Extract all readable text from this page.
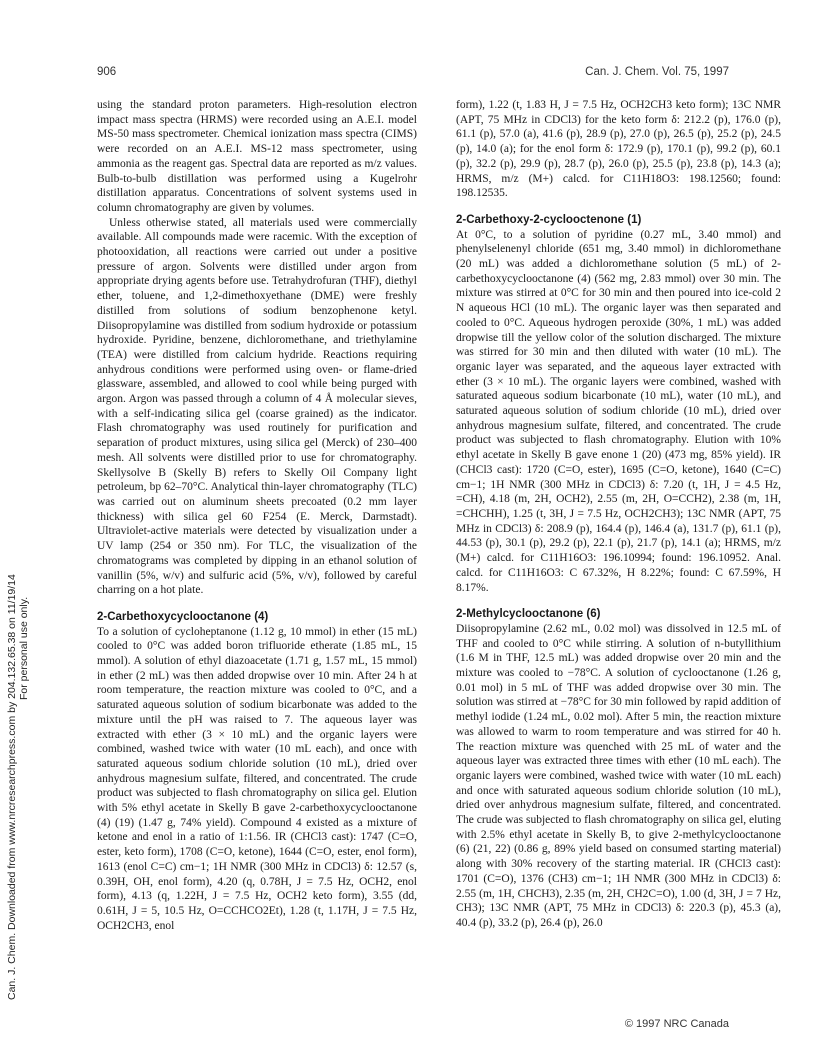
906	Can. J. Chem. Vol. 75, 1997
Can. J. Chem. Downloaded from www.nrcresearchpress.com by 204.132.65.38 on 11/19/14 For personal use only.

using the standard proton parameters. High-resolution electron impact mass spectra (HRMS) were recorded using an A.E.I. model MS-50 mass spectrometer. Chemical ionization mass spectra (CIMS) were recorded on an A.E.I. MS-12 mass spectrometer, using ammonia as the reagent gas. Spectral data are reported as m/z values. Bulb-to-bulb distillation was performed using a Kugelrohr distillation apparatus. Concentrations of solvent systems used in column chromatography are given by volumes.

Unless otherwise stated, all materials used were commercially available. All compounds made were racemic. With the exception of photooxidation, all reactions were carried out under a positive pressure of argon. Solvents were distilled under argon from appropriate drying agents before use. Tetrahydrofuran (THF), diethyl ether, toluene, and 1,2-dimethoxyethane (DME) were freshly distilled from solutions of sodium benzophenone ketyl. Diisopropylamine was distilled from sodium hydroxide or potassium hydroxide. Pyridine, benzene, dichloromethane, and triethylamine (TEA) were distilled from calcium hydride. Reactions requiring anhydrous conditions were performed using oven- or flame-dried glassware, assembled, and allowed to cool while being purged with argon. Argon was passed through a column of 4 Å molecular sieves, with a self-indicating silica gel (coarse grained) as the indicator. Flash chromatography was used routinely for purification and separation of product mixtures, using silica gel (Merck) of 230–400 mesh. All solvents were distilled prior to use for chromatography. Skellysolve B (Skelly B) refers to Skelly Oil Company light petroleum, bp 62–70°C. Analytical thin-layer chromatography (TLC) was carried out on aluminum sheets precoated (0.2 mm layer thickness) with silica gel 60 F254 (E. Merck, Darmstadt). Ultraviolet-active materials were detected by visualization under a UV lamp (254 or 350 nm). For TLC, the visualization of the chromatograms was completed by dipping in an ethanol solution of vanillin (5%, w/v) and sulfuric acid (5%, v/v), followed by careful charring on a hot plate.

2-Carbethoxycyclooctanone (4)

To a solution of cycloheptanone (1.12 g, 10 mmol) in ether (15 mL) cooled to 0°C was added boron trifluoride etherate (1.85 mL, 15 mmol). A solution of ethyl diazoacetate (1.71 g, 1.57 mL, 15 mmol) in ether (2 mL) was then added dropwise over 10 min. After 24 h at room temperature, the reaction mixture was cooled to 0°C, and a saturated aqueous solution of sodium bicarbonate was added to the mixture until the pH was raised to 7. The aqueous layer was extracted with ether (3 × 10 mL) and the organic layers were combined, washed twice with water (10 mL each), and once with saturated aqueous sodium chloride solution (10 mL), dried over anhydrous magnesium sulfate, filtered, and concentrated. The crude product was subjected to flash chromatography on silica gel. Elution with 5% ethyl acetate in Skelly B gave 2-carbethoxycyclooctanone (4) (19) (1.47 g, 74% yield). Compound 4 existed as a mixture of ketone and enol in a ratio of 1:1.56. IR (CHCl3 cast): 1747 (C=O, ester, keto form), 1708 (C=O, ketone), 1644 (C=O, ester, enol form), 1613 (enol C=C) cm−1; 1H NMR (300 MHz in CDCl3) δ: 12.57 (s, 0.39H, OH, enol form), 4.20 (q, 0.78H, J = 7.5 Hz, OCH2, enol form), 4.13 (q, 1.22H, J = 7.5 Hz, OCH2 keto form), 3.55 (dd, 0.61H, J = 5, 10.5 Hz, O=CCHCO2Et), 1.28 (t, 1.17H, J = 7.5 Hz, OCH2CH3, enol

form), 1.22 (t, 1.83 H, J = 7.5 Hz, OCH2CH3 keto form); 13C NMR (APT, 75 MHz in CDCl3) for the keto form δ: 212.2 (p), 176.0 (p), 61.1 (p), 57.0 (a), 41.6 (p), 28.9 (p), 27.0 (p), 26.5 (p), 25.2 (p), 24.5 (p), 14.0 (a); for the enol form δ: 172.9 (p), 170.1 (p), 99.2 (p), 60.1 (p), 32.2 (p), 29.9 (p), 28.7 (p), 26.0 (p), 25.5 (p), 23.8 (p), 14.3 (a); HRMS, m/z (M+) calcd. for C11H18O3: 198.12560; found: 198.12535.

2-Carbethoxy-2-cyclooctenone (1)

At 0°C, to a solution of pyridine (0.27 mL, 3.40 mmol) and phenylselenenyl chloride (651 mg, 3.40 mmol) in dichloromethane (20 mL) was added a dichloromethane solution (5 mL) of 2-carbethoxycyclooctanone (4) (562 mg, 2.83 mmol) over 30 min. The mixture was stirred at 0°C for 30 min and then poured into ice-cold 2 N aqueous HCl (10 mL). The organic layer was then separated and cooled to 0°C. Aqueous hydrogen peroxide (30%, 1 mL) was added dropwise till the yellow color of the solution discharged. The mixture was stirred for 30 min and then diluted with water (10 mL). The organic layer was separated, and the aqueous layer extracted with ether (3 × 10 mL). The organic layers were combined, washed with saturated aqueous sodium bicarbonate (10 mL), water (10 mL), and saturated aqueous solution of sodium chloride (10 mL), dried over anhydrous magnesium sulfate, filtered, and concentrated. The crude product was subjected to flash chromatography. Elution with 10% ethyl acetate in Skelly B gave enone 1 (20) (473 mg, 85% yield). IR (CHCl3 cast): 1720 (C=O, ester), 1695 (C=O, ketone), 1640 (C=C) cm−1; 1H NMR (300 MHz in CDCl3) δ: 7.20 (t, 1H, J = 4.5 Hz, =CH), 4.18 (m, 2H, OCH2), 2.55 (m, 2H, O=CCH2), 2.38 (m, 1H, =CHCHH), 1.25 (t, 3H, J = 7.5 Hz, OCH2CH3); 13C NMR (APT, 75 MHz in CDCl3) δ: 208.9 (p), 164.4 (p), 146.4 (a), 131.7 (p), 61.1 (p), 44.53 (p), 30.1 (p), 29.2 (p), 22.1 (p), 21.7 (p), 14.1 (a); HRMS, m/z (M+) calcd. for C11H16O3: 196.10994; found: 196.10952. Anal. calcd. for C11H16O3: C 67.32%, H 8.22%; found: C 67.59%, H 8.17%.

2-Methylcyclooctanone (6)

Diisopropylamine (2.62 mL, 0.02 mol) was dissolved in 12.5 mL of THF and cooled to 0°C while stirring. A solution of n-butyllithium (1.6 M in THF, 12.5 mL) was added dropwise over 20 min and the mixture was cooled to −78°C. A solution of cyclooctanone (1.26 g, 0.01 mol) in 5 mL of THF was added dropwise over 30 min. The solution was stirred at −78°C for 30 min followed by rapid addition of methyl iodide (1.24 mL, 0.02 mol). After 5 min, the reaction mixture was allowed to warm to room temperature and was stirred for 40 h. The reaction mixture was quenched with 25 mL of water and the aqueous layer was extracted three times with ether (10 mL each). The organic layers were combined, washed twice with water (10 mL each) and once with saturated aqueous sodium chloride solution (10 mL), dried over anhydrous magnesium sulfate, filtered, and concentrated. The crude was subjected to flash chromatography on silica gel, eluting with 2.5% ethyl acetate in Skelly B, to give 2-methylcyclooctanone (6) (21, 22) (0.86 g, 89% yield based on consumed starting material) along with 30% recovery of the starting material. IR (CHCl3 cast): 1701 (C=O), 1376 (CH3) cm−1; 1H NMR (300 MHz in CDCl3) δ: 2.55 (m, 1H, CHCH3), 2.35 (m, 2H, CH2C=O), 1.00 (d, 3H, J = 7 Hz, CH3); 13C NMR (APT, 75 MHz in CDCl3) δ: 220.3 (p), 45.3 (a), 40.4 (p), 33.2 (p), 26.4 (p), 26.0

© 1997 NRC Canada
